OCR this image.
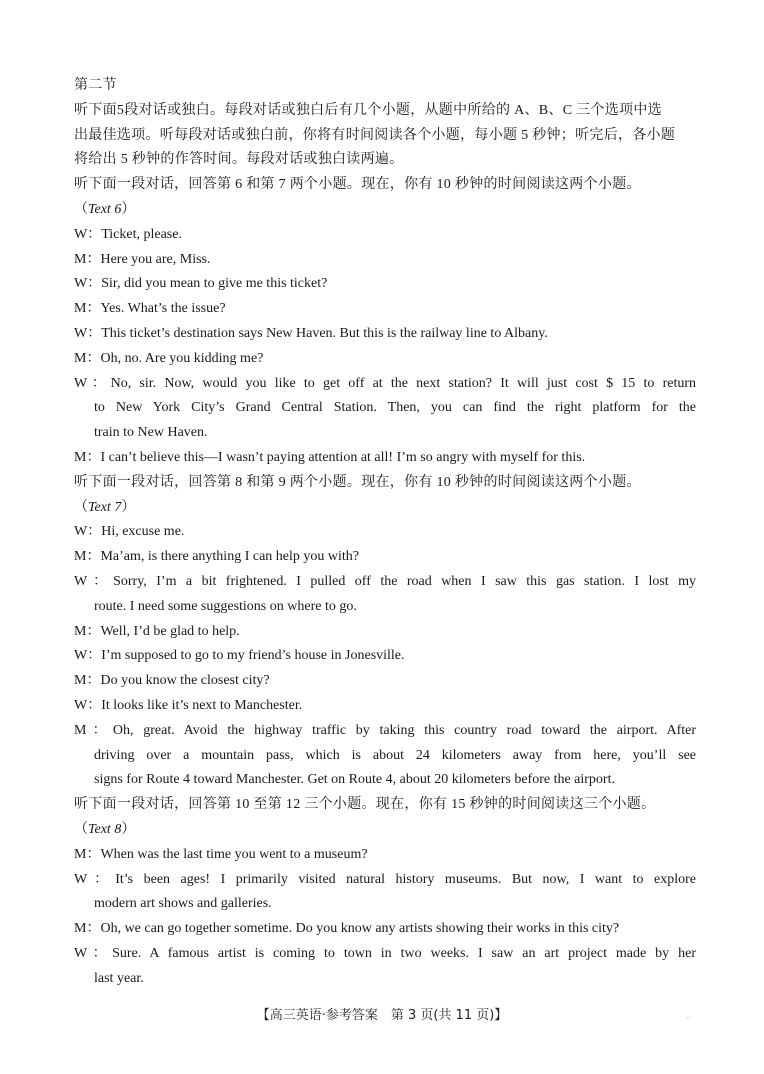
第二节
听下面5段对话或独白。每段对话或独白后有几个小题，从题中所给的 A、B、C 三个选项中选
出最佳选项。听每段对话或独白前，你将有时间阅读各个小题，每小题 5 秒钟；听完后，各小题
将给出 5 秒钟的作答时间。每段对话或独白读两遍。
听下面一段对话，回答第 6 和第 7 两个小题。现在，你有 10 秒钟的时间阅读这两个小题。
（Text 6）
W：Ticket, please.
M：Here you are, Miss.
W：Sir, did you mean to give me this ticket?
M：Yes. What’s the issue?
W：This ticket’s destination says New Haven. But this is the railway line to Albany.
M：Oh, no. Are you kidding me?
W：No, sir. Now, would you like to get off at the next station? It will just cost $ 15 to return
to New York City’s Grand Central Station. Then, you can find the right platform for the
train to New Haven.
M：I can’t believe this—I wasn’t paying attention at all! I’m so angry with myself for this.
听下面一段对话，回答第 8 和第 9 两个小题。现在，你有 10 秒钟的时间阅读这两个小题。
（Text 7）
W：Hi, excuse me.
M：Ma’am, is there anything I can help you with?
W：Sorry, I’m a bit frightened. I pulled off the road when I saw this gas station. I lost my
route. I need some suggestions on where to go.
M：Well, I’d be glad to help.
W：I’m supposed to go to my friend’s house in Jonesville.
M：Do you know the closest city?
W：It looks like it’s next to Manchester.
M：Oh, great. Avoid the highway traffic by taking this country road toward the airport. After
driving over a mountain pass, which is about 24 kilometers away from here, you’ll see
signs for Route 4 toward Manchester. Get on Route 4, about 20 kilometers before the airport.
听下面一段对话，回答第 10 至第 12 三个小题。现在，你有 15 秒钟的时间阅读这三个小题。
（Text 8）
M：When was the last time you went to a museum?
W：It’s been ages! I primarily visited natural history museums. But now, I want to explore
modern art shows and galleries.
M：Oh, we can go together sometime. Do you know any artists showing their works in this city?
W：Sure. A famous artist is coming to town in two weeks. I saw an art project made by her
last year.
【高三英语·参考答案　第 3 页(共 11 页)】	··
